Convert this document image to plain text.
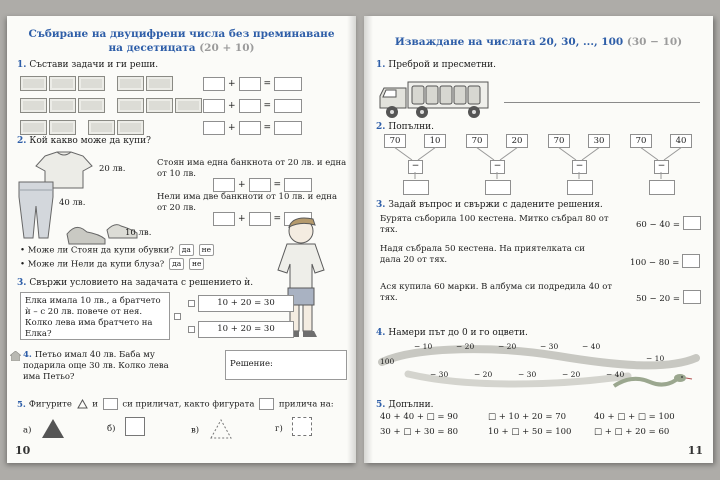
Събиране на двуцифрени числа без преминаване
на десетицата (20 + 10)
1. Състави задачи и ги реши.
+	=
+	=
+	=
2. Кой какво може да купи?
20 лв.
40 лв.
10 лв.
Стоян има една банкнота от 20 лв. и една от 10 лв.
+	=
Нели има две банкноти от 10 лв. и една от 20 лв.
+	=
• Може ли Стоян да купи обувки? да не
• Може ли Нели да купи блуза? да не
3. Свържи условието на задачата с решението ѝ.
Елка имала 10 лв., а братчето ѝ – с 20 лв. повече от нея. Колко лева има братчето на Елка?
10 + 20 = 30
10 + 20 = 30
4. Петьо имал 40 лв. Баба му подарила още 30 лв. Колко лева има Петьо?
Решение:
5. Фигурите и	си приличат, както фигурата	прилича на:
а)	б)	в)	г)
10
Изваждане на числата 20, 30, ..., 100 (30 − 10)
1. Преброй и пресметни.
2. Попълни.
70	10
−
70	20
−
70	30
−
70	40
−
3. Задай въпрос и свържи с дадените решения.
Бурята съборила 100 кестена. Митко събрал 80 от тях.
60 − 40 =
Надя събрала 50 кестена. На приятелката си дала 20 от тях.	100 − 80 =
Ася купила 60 марки. В албума си подредила 40 от тях.	50 − 20 =
4. Намери път до 0 и го оцвети.
100
− 10	− 20	− 20	− 30	− 40
− 30	− 20	− 30	− 20	− 40
− 10
5. Допълни.
40 + 40 + □ = 90	□ + 10 + 20 = 70	40 + □ + □ = 100
30 + □ + 30 = 80	10 + □ + 50 = 100	□ + □ + 20 = 60
11
